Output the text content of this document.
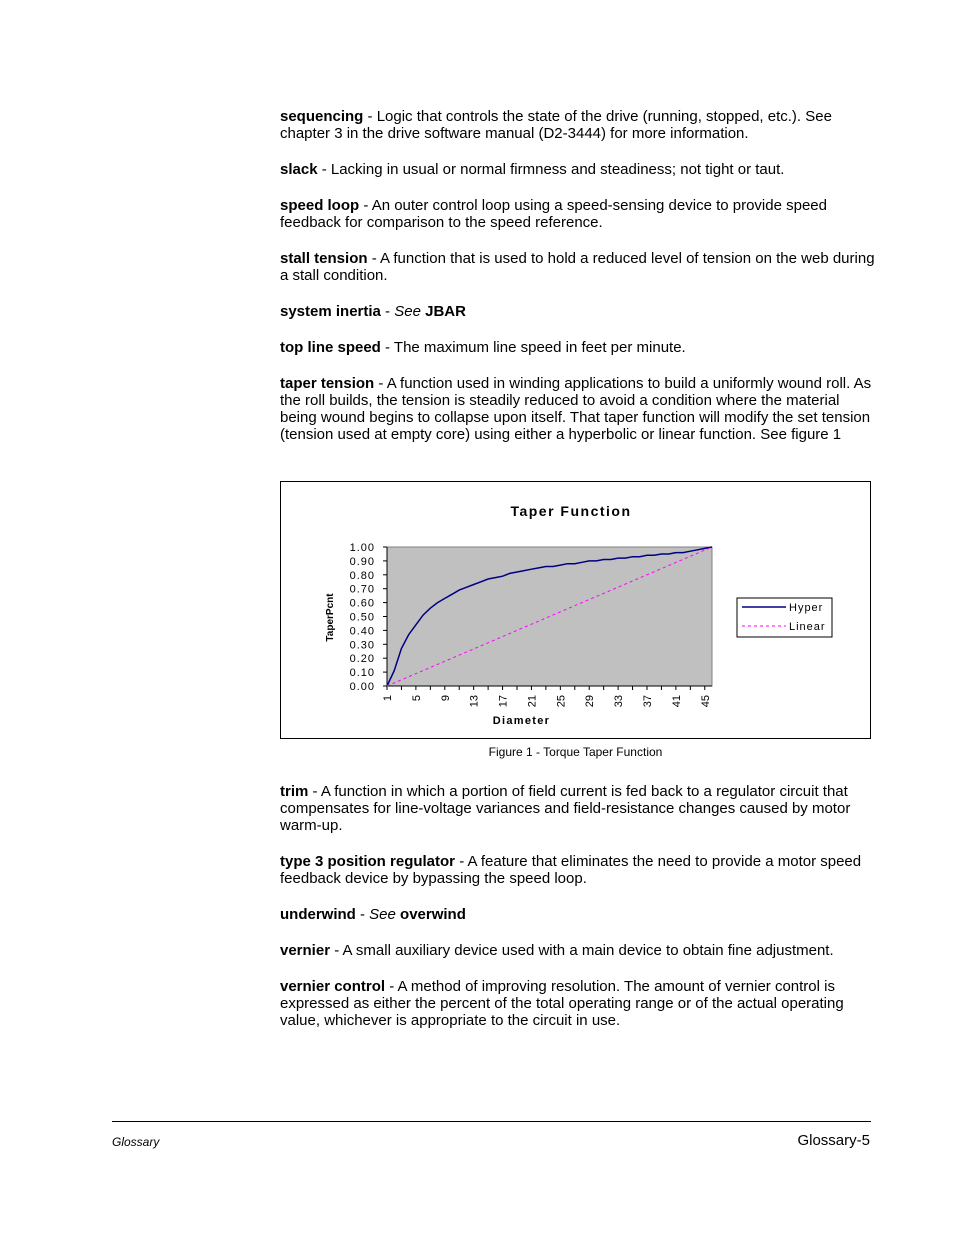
sequencing - Logic that controls the state of the drive (running, stopped, etc.). See chapter 3 in the drive software manual (D2-3444) for more information.

slack - Lacking in usual or normal firmness and steadiness; not tight or taut.

speed loop - An outer control loop using a speed-sensing device to provide speed feedback for comparison to the speed reference.

stall tension - A function that is used to hold a reduced level of tension on the web during a stall condition.

system inertia - See JBAR

top line speed - The maximum line speed in feet per minute.

taper tension - A function used in winding applications to build a uniformly wound roll. As the roll builds, the tension is steadily reduced to avoid a condition where the material being wound begins to collapse upon itself. That taper function will modify the set tension (tension used at empty core) using either a hyperbolic or linear function. See figure 1

Taper Function
1.00
0.90
0.80
0.70
0.60
0.50
0.40
0.30
0.20
0.10
0.00
1 5 9 13 17 21 25 29 33 37 41 45
Diameter
TaperPcnt	Hyper
Linear
Figure 1 - Torque Taper Function

trim - A function in which a portion of field current is fed back to a regulator circuit that compensates for line-voltage variances and field-resistance changes caused by motor warm-up.

type 3 position regulator - A feature that eliminates the need to provide a motor speed feedback device by bypassing the speed loop.

underwind - See overwind

vernier - A small auxiliary device used with a main device to obtain fine adjustment.

vernier control - A method of improving resolution. The amount of vernier control is expressed as either the percent of the total operating range or of the actual operating value, whichever is appropriate to the circuit in use.

Glossary	Glossary-5
